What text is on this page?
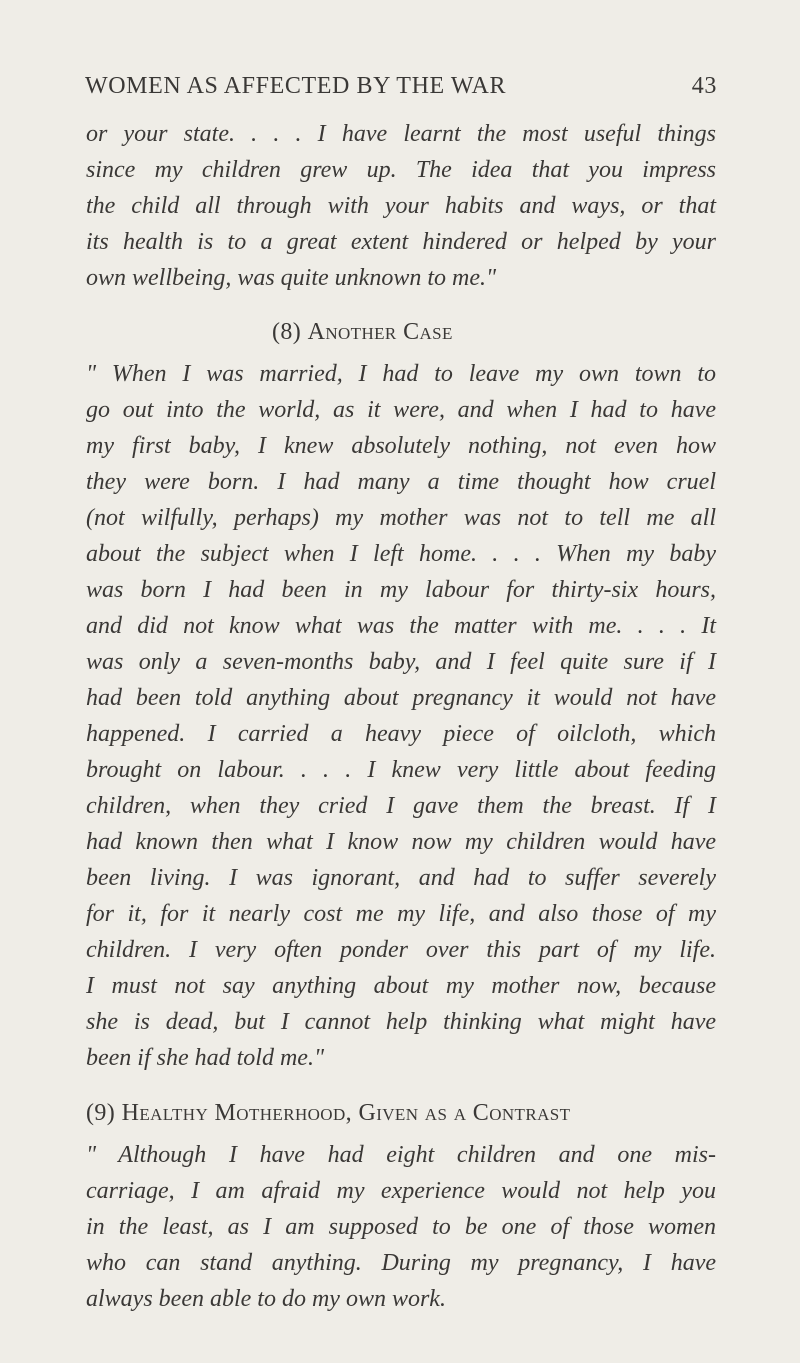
WOMEN AS AFFECTED BY THE WAR	43
or your state. . . . I have learnt the most useful things
since my children grew up. The idea that you impress
the child all through with your habits and ways, or that
its health is to a great extent hindered or helped by your
own wellbeing, was quite unknown to me."
(8) Another Case
" When I was married, I had to leave my own town to
go out into the world, as it were, and when I had to have
my first baby, I knew absolutely nothing, not even how
they were born. I had many a time thought how cruel
(not wilfully, perhaps) my mother was not to tell me all
about the subject when I left home. . . . When my baby
was born I had been in my labour for thirty-six hours,
and did not know what was the matter with me. . . . It
was only a seven-months baby, and I feel quite sure if I
had been told anything about pregnancy it would not have
happened. I carried a heavy piece of oilcloth, which
brought on labour. . . . I knew very little about feeding
children, when they cried I gave them the breast. If I
had known then what I know now my children would have
been living. I was ignorant, and had to suffer severely
for it, for it nearly cost me my life, and also those of my
children. I very often ponder over this part of my life.
I must not say anything about my mother now, because
she is dead, but I cannot help thinking what might have
been if she had told me."
(9) Healthy Motherhood, Given as a Contrast
" Although I have had eight children and one mis-
carriage, I am afraid my experience would not help you
in the least, as I am supposed to be one of those women
who can stand anything. During my pregnancy, I have
always been able to do my own work.
